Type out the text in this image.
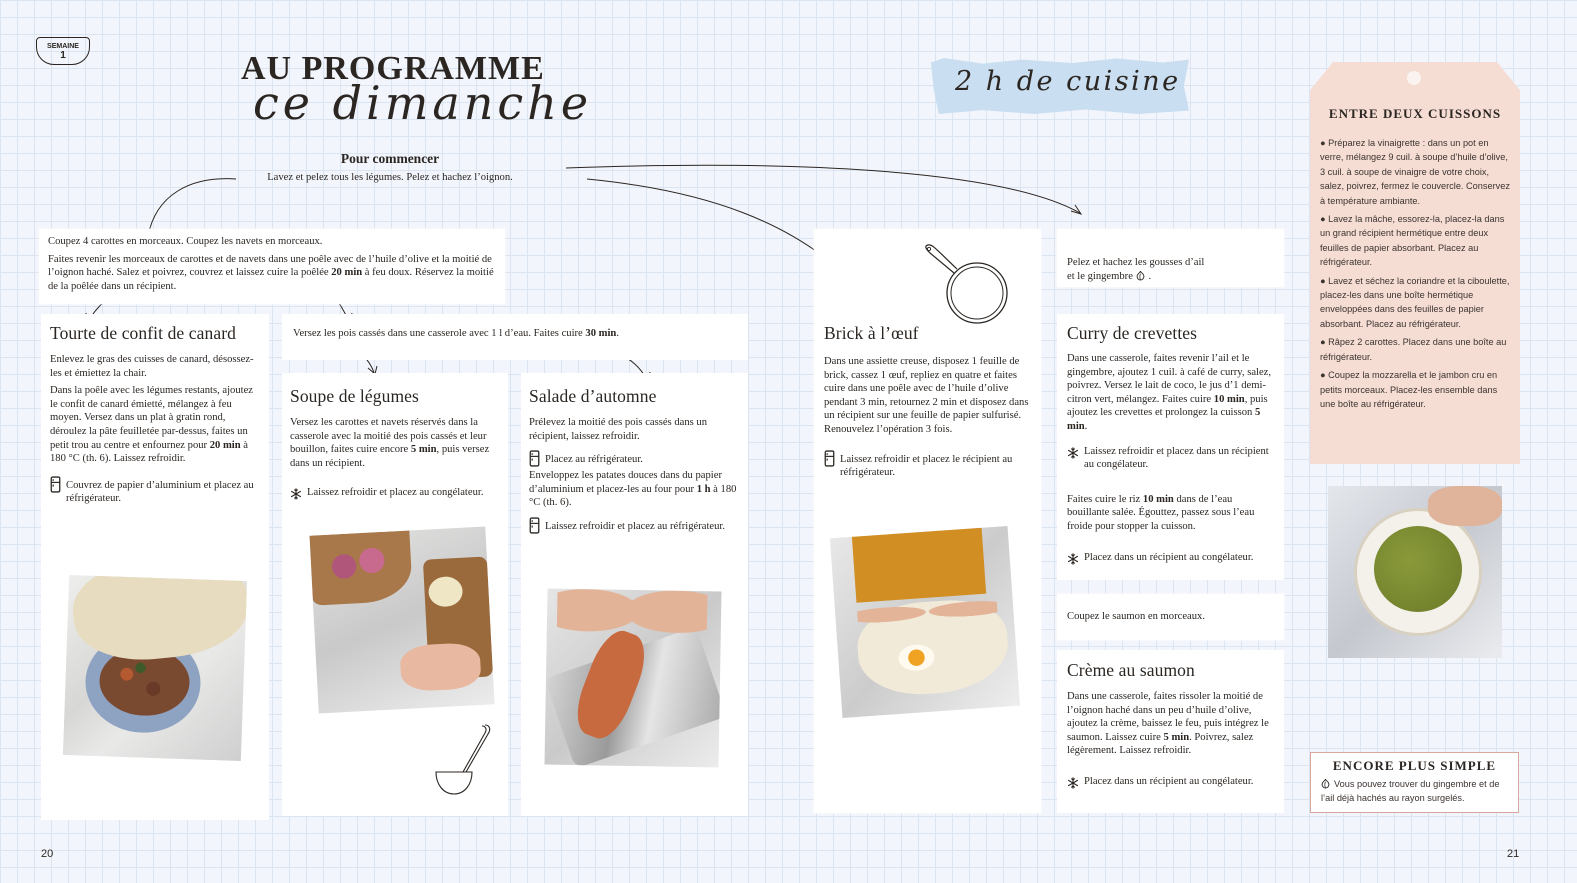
SEMAINE
1	AU PROGRAMME
ce dimanche	2 h de cuisine
Pour commencer
Lavez et pelez tous les légumes. Pelez et hachez l’oignon.

Coupez 4 carottes en morceaux. Coupez les navets en morceaux.

Faites revenir les morceaux de carottes et de navets dans une poêle avec de l’huile d’olive et la moitié de l’oignon haché. Salez et poivrez, couvrez et laissez cuire la poêlée 20 min à feu doux. Réservez la moitié de la poêlée dans un récipient.

Versez les pois cassés dans une casserole avec 1 l d’eau. Faites cuire 30 min.

Tourte de confit de canard

Enlevez le gras des cuisses de canard, désossez-les et émiettez la chair.

Dans la poêle avec les légumes restants, ajoutez le confit de canard émietté, mélangez à feu moyen. Versez dans un plat à gratin rond, déroulez la pâte feuilletée par-dessus, faites un petit trou au centre et enfournez pour 20 min à 180 °C (th. 6). Laissez refroidir.

Couvrez de papier d’aluminium et placez au réfrigérateur.

Soupe de légumes

Versez les carottes et navets réservés dans la casserole avec la moitié des pois cassés et leur bouillon, faites cuire encore 5 min, puis versez dans un récipient.

Laissez refroidir et placez au congélateur.

Salade d’automne

Prélevez la moitié des pois cassés dans un récipient, laissez refroidir.

Placez au réfrigérateur.

Enveloppez les patates douces dans du papier d’aluminium et placez-les au four pour 1 h à 180 °C (th. 6).

Laissez refroidir et placez au réfrigérateur.

Brick à l’œuf

Dans une assiette creuse, disposez 1 feuille de brick, cassez 1 œuf, repliez en quatre et faites cuire dans une poêle avec de l’huile d’olive pendant 3 min, retournez 2 min et disposez dans un récipient sur une feuille de papier sulfurisé. Renouvelez l’opération 3 fois.

Laissez refroidir et placez le récipient au réfrigérateur.

Pelez et hachez les gousses d’ail

et le gingembre .

Curry de crevettes

Dans une casserole, faites revenir l’ail et le gingembre, ajoutez 1 cuil. à café de curry, salez, poivrez. Versez le lait de coco, le jus d’1 demi-citron vert, mélangez. Faites cuire 10 min, puis ajoutez les crevettes et prolongez la cuisson 5 min.

Laissez refroidir et placez dans un récipient au congélateur.

Faites cuire le riz 10 min dans de l’eau bouillante salée. Égouttez, passez sous l’eau froide pour stopper la cuisson.

Placez dans un récipient au congélateur.

Coupez le saumon en morceaux.

Crème au saumon

Dans une casserole, faites rissoler la moitié de l’oignon haché dans un peu d’huile d’olive, ajoutez la crème, baissez le feu, puis intégrez le saumon. Laissez cuire 5 min. Poivrez, salez légèrement. Laissez refroidir.

Placez dans un récipient au congélateur.

ENTRE DEUX CUISSONS
● Préparez la vinaigrette : dans un pot en verre, mélangez 9 cuil. à soupe d’huile d’olive, 3 cuil. à soupe de vinaigre de votre choix, salez, poivrez, fermez le couvercle. Conservez à température ambiante.
● Lavez la mâche, essorez-la, placez-la dans un grand récipient hermétique entre deux feuilles de papier absorbant. Placez au réfrigérateur.
● Lavez et séchez la coriandre et la ciboulette, placez-les dans une boîte hermétique enveloppées dans des feuilles de papier absorbant. Placez au réfrigérateur.
● Râpez 2 carottes. Placez dans une boîte au réfrigérateur.
● Coupez la mozzarella et le jambon cru en petits morceaux. Placez-les ensemble dans une boîte au réfrigérateur.
ENCORE PLUS SIMPLE
Vous pouvez trouver du gingembre et de l’ail déjà hachés au rayon surgelés.
20	21
